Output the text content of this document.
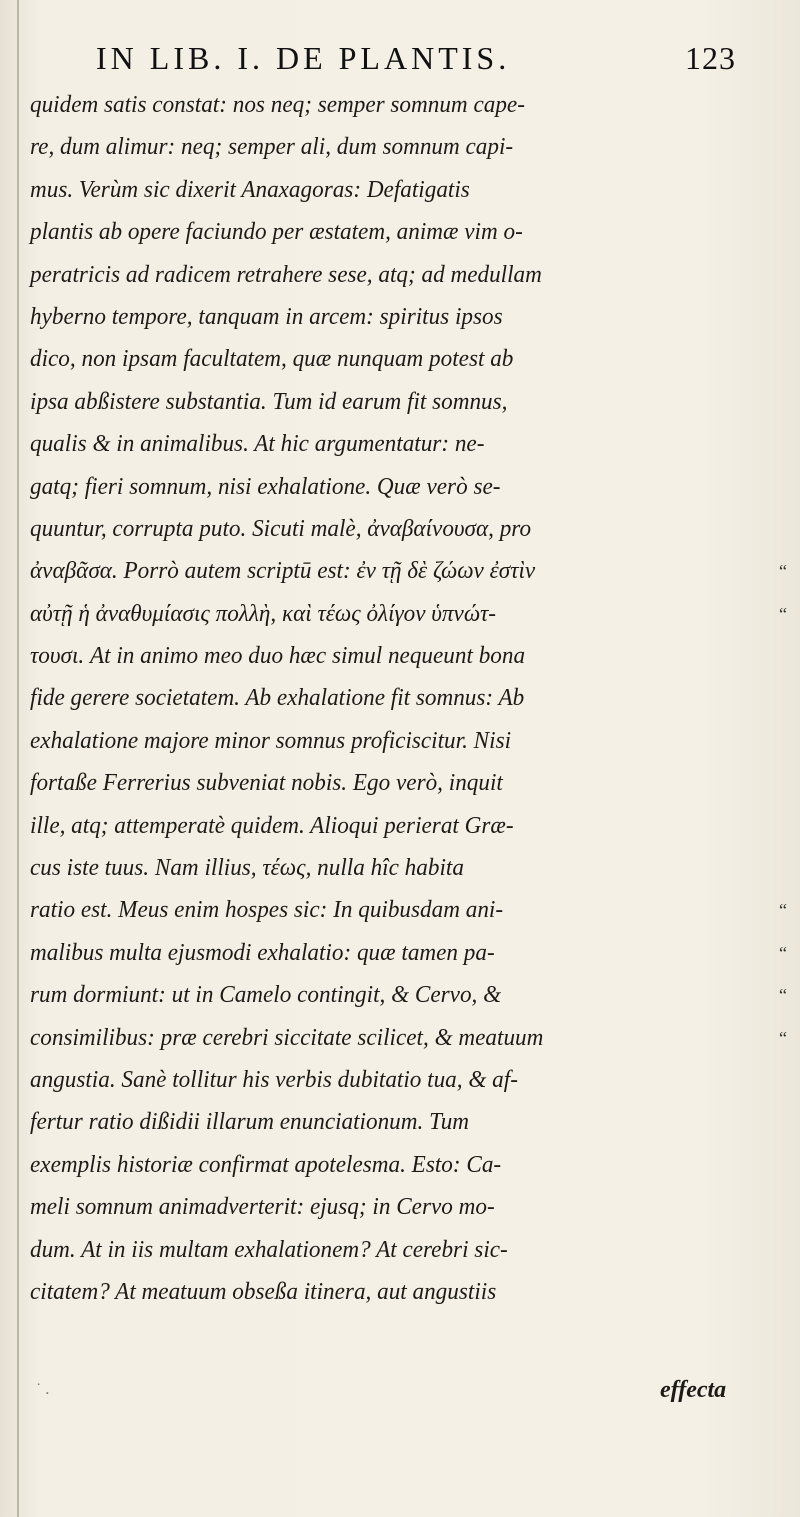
IN LIB. I. DE PLANTIS.	123
quidem satis constat: nos neq; semper somnum cape-
re, dum alimur: neq; semper ali, dum somnum capi-
mus. Verùm sic dixerit Anaxagoras: Defatigatis
plantis ab opere faciundo per æstatem, animæ vim o-
peratricis ad radicem retrahere sese, atq; ad medullam
hyberno tempore, tanquam in arcem: spiritus ipsos
dico, non ipsam facultatem, quæ nunquam potest ab
ipsa abßistere substantia. Tum id earum fit somnus,
qualis & in animalibus. At hic argumentatur: ne-
gatq; fieri somnum, nisi exhalatione. Quæ verò se-
quuntur, corrupta puto. Sicuti malè, ἀναβαίνουσα, pro
ἀναβᾶσα. Porrò autem scriptū est: ἐν τῇ δὲ ζώων ἐστὶν	“
αὐτῇ ἡ ἀναθυμίασις πολλὴ, καὶ τέως ὀλίγον ὑπνώτ-	“
τουσι. At in animo meo duo hæc simul nequeunt bona
fide gerere societatem. Ab exhalatione fit somnus: Ab
exhalatione majore minor somnus proficiscitur. Nisi
fortaße Ferrerius subveniat nobis. Ego verò, inquit
ille, atq; attemperatè quidem. Alioqui perierat Græ-
cus iste tuus. Nam illius, τέως, nulla hîc habita
ratio est. Meus enim hospes sic: In quibusdam ani-	“
malibus multa ejusmodi exhalatio: quæ tamen pa-	“
rum dormiunt: ut in Camelo contingit, & Cervo, &	“
consimilibus: præ cerebri siccitate scilicet, & meatuum	“
angustia. Sanè tollitur his verbis dubitatio tua, & af-
fertur ratio dißidii illarum enunciationum. Tum
exemplis historiæ confirmat apotelesma. Esto: Ca-
meli somnum animadverterit: ejusq; in Cervo mo-
dum. At in iis multam exhalationem? At cerebri sic-
citatem? At meatuum obseßa itinera, aut angustiis
˙ .	effecta
